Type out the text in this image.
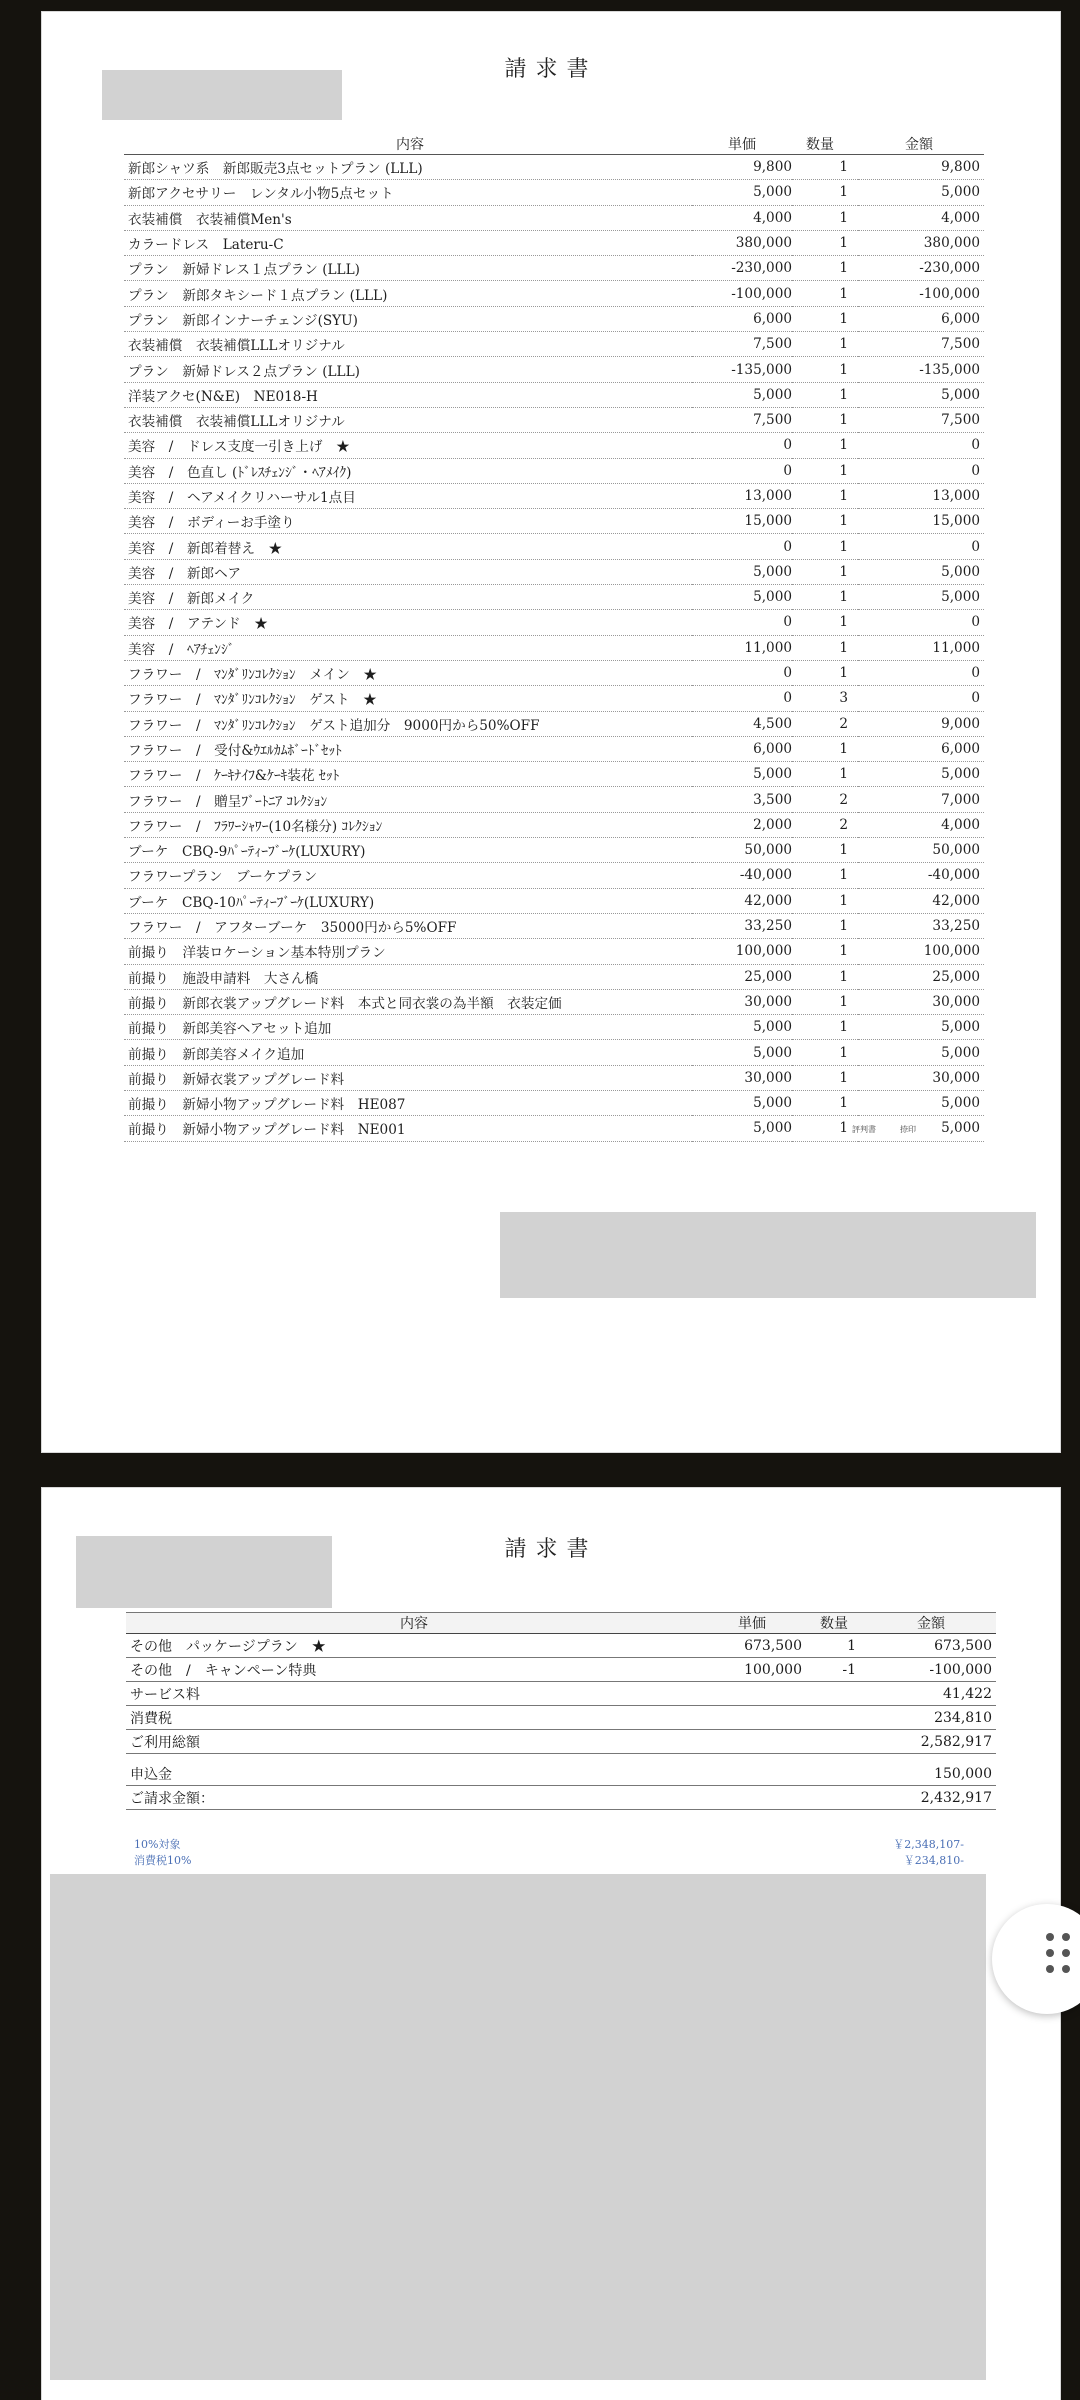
請求書
内容	単価	数量	金額
新郎シャツ系　新郎販売3点セットプラン (LLL)	9,800	1	9,800
新郎アクセサリー　レンタル小物5点セット	5,000	1	5,000
衣装補償　衣装補償Men's	4,000	1	4,000
カラードレス　Lateru-C	380,000	1	380,000
プラン　新婦ドレス１点プラン (LLL)	-230,000	1	-230,000
プラン　新郎タキシード１点プラン (LLL)	-100,000	1	-100,000
プラン　新郎インナーチェンジ(SYU)	6,000	1	6,000
衣装補償　衣装補償LLLオリジナル	7,500	1	7,500
プラン　新婦ドレス２点プラン (LLL)	-135,000	1	-135,000
洋装アクセ(N&E)　NE018-H	5,000	1	5,000
衣装補償　衣装補償LLLオリジナル	7,500	1	7,500
美容　/　ドレス支度一引き上げ　★	0	1	0
美容　/　色直し (ﾄﾞﾚｽﾁｪﾝｼﾞ・ﾍｱﾒｲｸ)	0	1	0
美容　/　ヘアメイクリハーサル1点目	13,000	1	13,000
美容　/　ボディーお手塗り	15,000	1	15,000
美容　/　新郎着替え　★	0	1	0
美容　/　新郎ヘア	5,000	1	5,000
美容　/　新郎メイク	5,000	1	5,000
美容　/　アテンド　★	0	1	0
美容　/　ﾍｱﾁｪﾝｼﾞ	11,000	1	11,000
フラワー　/　ﾏﾝﾀﾞﾘﾝｺﾚｸｼｮﾝ　メイン　★	0	1	0
フラワー　/　ﾏﾝﾀﾞﾘﾝｺﾚｸｼｮﾝ　ゲスト　★	0	3	0
フラワー　/　ﾏﾝﾀﾞﾘﾝｺﾚｸｼｮﾝ　ゲスト追加分　9000円から50%OFF	4,500	2	9,000
フラワー　/　受付&ｳｴﾙｶﾑﾎﾞｰﾄﾞｾｯﾄ	6,000	1	6,000
フラワー　/　ｹｰｷﾅｲﾌ&ｹｰｷ装花 ｾｯﾄ	5,000	1	5,000
フラワー　/　贈呈ﾌﾞｰﾄﾆｱ ｺﾚｸｼｮﾝ	3,500	2	7,000
フラワー　/　ﾌﾗﾜｰｼｬﾜｰ(10名様分) ｺﾚｸｼｮﾝ	2,000	2	4,000
ブーケ　CBQ-9ﾊﾟｰﾃｨｰﾌﾞｰｹ(LUXURY)	50,000	1	50,000
フラワープラン　ブーケプラン	-40,000	1	-40,000
ブーケ　CBQ-10ﾊﾟｰﾃｨｰﾌﾞｰｹ(LUXURY)	42,000	1	42,000
フラワー　/　アフターブーケ　35000円から5%OFF	33,250	1	33,250
前撮り　洋装ロケーション基本特別プラン	100,000	1	100,000
前撮り　施設申請料　大さん橋	25,000	1	25,000
前撮り　新郎衣裳アップグレード料　本式と同衣裳の為半額　衣装定価	30,000	1	30,000
前撮り　新郎美容ヘアセット追加	5,000	1	5,000
前撮り　新郎美容メイク追加	5,000	1	5,000
前撮り　新婦衣裳アップグレード料	30,000	1	30,000
前撮り　新婦小物アップグレード料　HE087	5,000	1	5,000
前撮り　新婦小物アップグレード料　NE001	5,000	1	5,000
評判書　　　捺印
請求書
内容	単価	数量	金額
その他　パッケージプラン　★	673,500	1	673,500
その他　/　キャンペーン特典	100,000	-1	-100,000
サービス料			41,422
消費税			234,810
ご利用総額			2,582,917

申込金			150,000
ご請求金額：			2,432,917
10%対象	￥2,348,107-
消費税10%	￥234,810-
